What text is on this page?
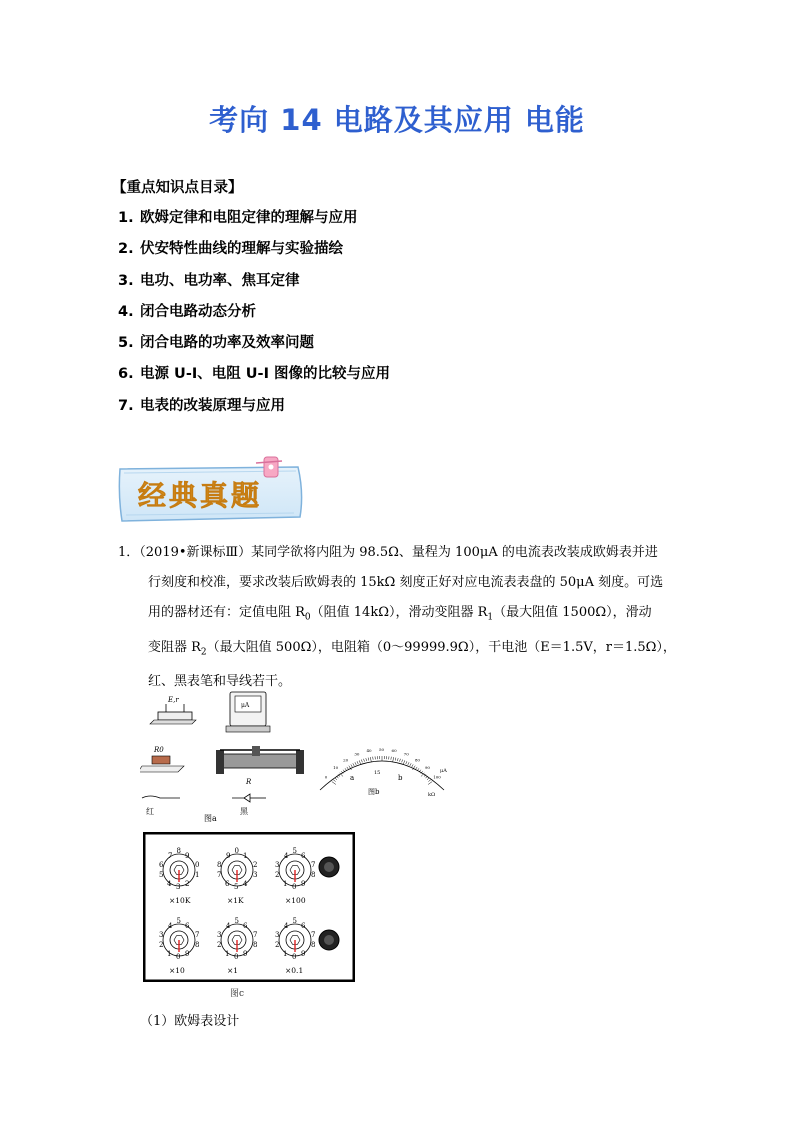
考向 14 电路及其应用 电能
【重点知识点目录】
1. 欧姆定律和电阻定律的理解与应用
2. 伏安特性曲线的理解与实验描绘
3. 电功、电功率、焦耳定律
4. 闭合电路动态分析
5. 闭合电路的功率及效率问题
6. 电源 U-I、电阻 U-I 图像的比较与应用
7. 电表的改装原理与应用
经典真题

1．（2019•新课标Ⅲ）某同学欲将内阻为 98.5Ω、量程为 100μA 的电流表改装成欧姆表并进

行刻度和校准，要求改装后欧姆表的 15kΩ 刻度正好对应电流表表盘的 50μA 刻度。可选

用的器材还有：定值电阻 $R_0$（阻值 14kΩ），滑动变阻器 $R_1$（最大阻值 1500Ω），滑动

变阻器 $R_2$（最大阻值 500Ω），电阻箱（0～99999.9Ω），干电池（E＝1.5V，r＝1.5Ω），

红、黑表笔和导线若干。

E,r
μA
R0
R
红	黑
图a
0
10
20
30
40 50 60
70
80
90
100
μA
a
15
b
kΩ
图b
8
7 9
6	0
5	1
4 2
3
×10K
0
9 1
8	2
7	3
6 4
5
×1K
5
4 6
3	7
2	8
1 9
0
×100
5
4 6
3	7
2	8
1 9
0
×10
5
4 6
3	7
2	8
1 9
0
×1
5
4 6
3	7
2	8
1 9
0
×0.1
图c
（1）欧姆表设计
